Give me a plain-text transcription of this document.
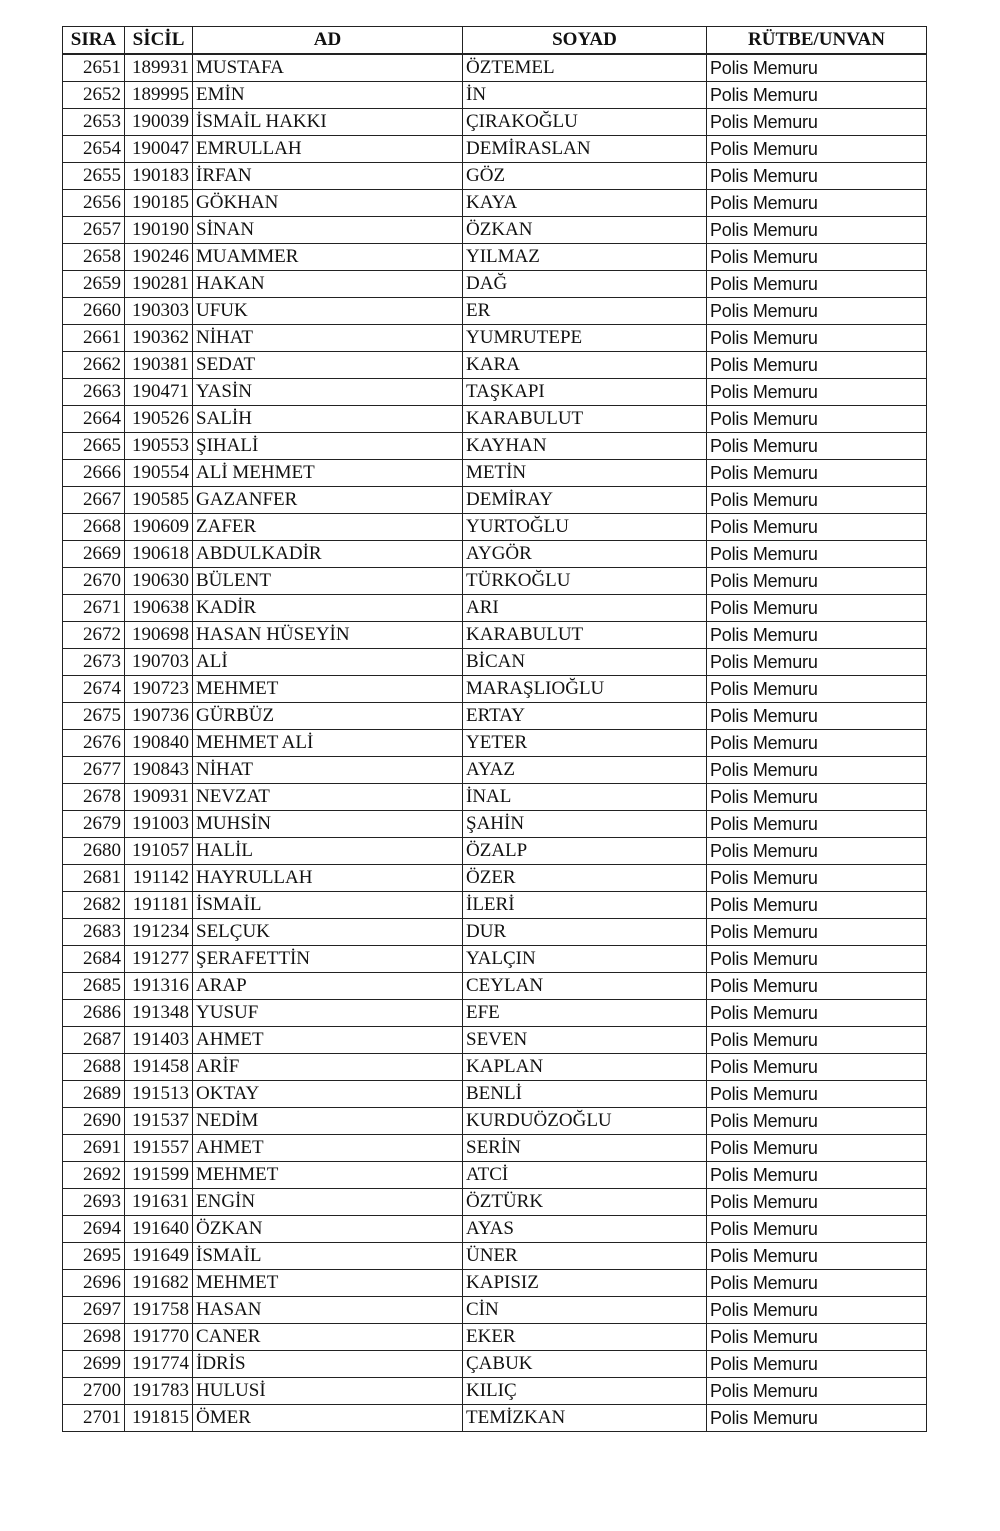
SIRA	SİCİL	AD	SOYAD	RÜTBE/UNVAN
2651	189931	MUSTAFA	ÖZTEMEL	Polis Memuru
2652	189995	EMİN	İN	Polis Memuru
2653	190039	İSMAİL HAKKI	ÇIRAKOĞLU	Polis Memuru
2654	190047	EMRULLAH	DEMİRASLAN	Polis Memuru
2655	190183	İRFAN	GÖZ	Polis Memuru
2656	190185	GÖKHAN	KAYA	Polis Memuru
2657	190190	SİNAN	ÖZKAN	Polis Memuru
2658	190246	MUAMMER	YILMAZ	Polis Memuru
2659	190281	HAKAN	DAĞ	Polis Memuru
2660	190303	UFUK	ER	Polis Memuru
2661	190362	NİHAT	YUMRUTEPE	Polis Memuru
2662	190381	SEDAT	KARA	Polis Memuru
2663	190471	YASİN	TAŞKAPI	Polis Memuru
2664	190526	SALİH	KARABULUT	Polis Memuru
2665	190553	ŞIHALİ	KAYHAN	Polis Memuru
2666	190554	ALİ MEHMET	METİN	Polis Memuru
2667	190585	GAZANFER	DEMİRAY	Polis Memuru
2668	190609	ZAFER	YURTOĞLU	Polis Memuru
2669	190618	ABDULKADİR	AYGÖR	Polis Memuru
2670	190630	BÜLENT	TÜRKOĞLU	Polis Memuru
2671	190638	KADİR	ARI	Polis Memuru
2672	190698	HASAN HÜSEYİN	KARABULUT	Polis Memuru
2673	190703	ALİ	BİCAN	Polis Memuru
2674	190723	MEHMET	MARAŞLIOĞLU	Polis Memuru
2675	190736	GÜRBÜZ	ERTAY	Polis Memuru
2676	190840	MEHMET ALİ	YETER	Polis Memuru
2677	190843	NİHAT	AYAZ	Polis Memuru
2678	190931	NEVZAT	İNAL	Polis Memuru
2679	191003	MUHSİN	ŞAHİN	Polis Memuru
2680	191057	HALİL	ÖZALP	Polis Memuru
2681	191142	HAYRULLAH	ÖZER	Polis Memuru
2682	191181	İSMAİL	İLERİ	Polis Memuru
2683	191234	SELÇUK	DUR	Polis Memuru
2684	191277	ŞERAFETTİN	YALÇIN	Polis Memuru
2685	191316	ARAP	CEYLAN	Polis Memuru
2686	191348	YUSUF	EFE	Polis Memuru
2687	191403	AHMET	SEVEN	Polis Memuru
2688	191458	ARİF	KAPLAN	Polis Memuru
2689	191513	OKTAY	BENLİ	Polis Memuru
2690	191537	NEDİM	KURDUÖZOĞLU	Polis Memuru
2691	191557	AHMET	SERİN	Polis Memuru
2692	191599	MEHMET	ATCİ	Polis Memuru
2693	191631	ENGİN	ÖZTÜRK	Polis Memuru
2694	191640	ÖZKAN	AYAS	Polis Memuru
2695	191649	İSMAİL	ÜNER	Polis Memuru
2696	191682	MEHMET	KAPISIZ	Polis Memuru
2697	191758	HASAN	CİN	Polis Memuru
2698	191770	CANER	EKER	Polis Memuru
2699	191774	İDRİS	ÇABUK	Polis Memuru
2700	191783	HULUSİ	KILIÇ	Polis Memuru
2701	191815	ÖMER	TEMİZKAN	Polis Memuru
